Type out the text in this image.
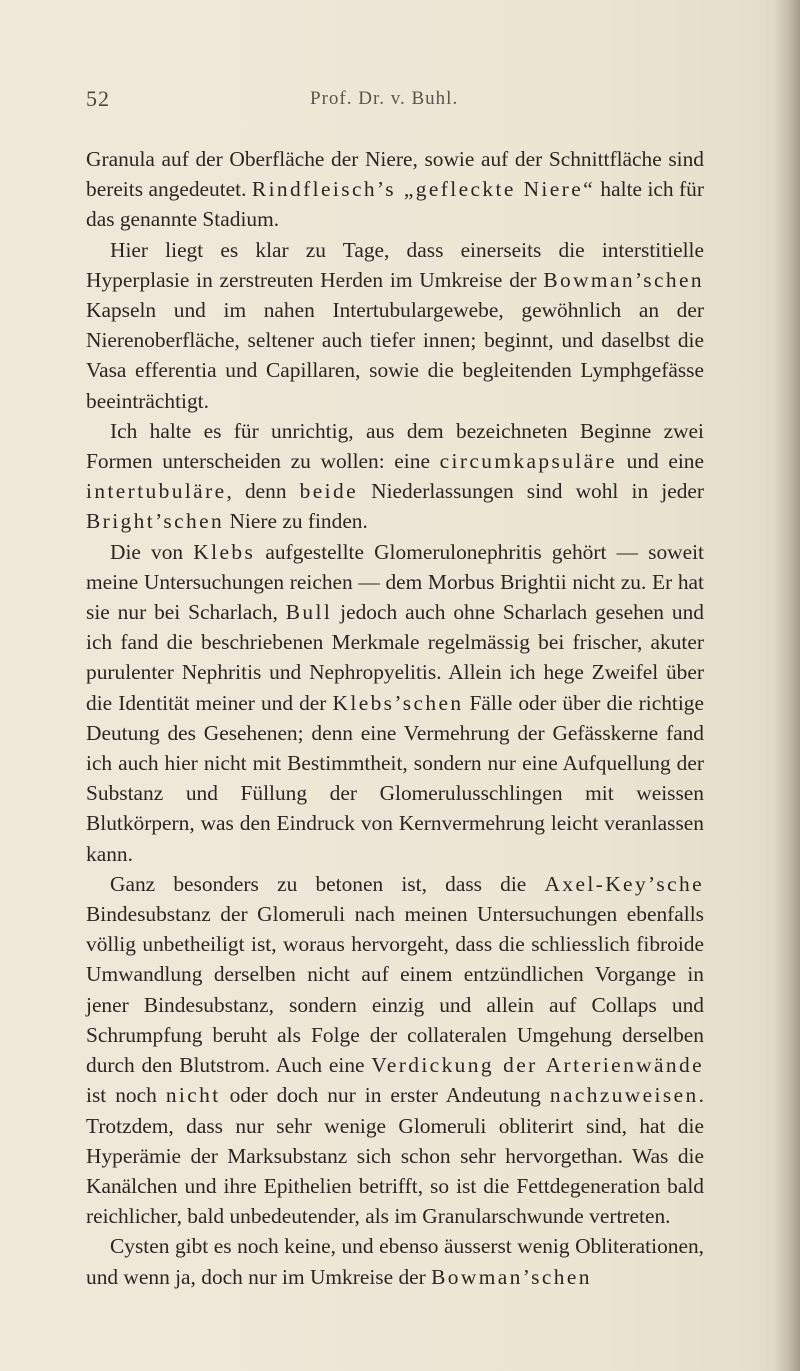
52	Prof. Dr. v. Buhl.

Granula auf der Oberfläche der Niere, sowie auf der Schnittfläche sind bereits angedeutet. Rindfleisch’s „gefleckte Niere“ halte ich für das genannte Stadium.

Hier liegt es klar zu Tage, dass einerseits die interstitielle Hyperplasie in zerstreuten Herden im Umkreise der Bowman’schen Kapseln und im nahen Intertubulargewebe, gewöhnlich an der Nierenoberfläche, seltener auch tiefer innen; beginnt, und daselbst die Vasa efferentia und Capillaren, sowie die begleitenden Lymphgefässe beeinträchtigt.

Ich halte es für unrichtig, aus dem bezeichneten Beginne zwei Formen unterscheiden zu wollen: eine circumkapsuläre und eine intertubuläre, denn beide Niederlassungen sind wohl in jeder Bright’schen Niere zu finden.

Die von Klebs aufgestellte Glomerulonephritis gehört — soweit meine Untersuchungen reichen — dem Morbus Brightii nicht zu. Er hat sie nur bei Scharlach, Bull jedoch auch ohne Scharlach gesehen und ich fand die beschriebenen Merkmale regelmässig bei frischer, akuter purulenter Nephritis und Nephropyelitis. Allein ich hege Zweifel über die Identität meiner und der Klebs’schen Fälle oder über die richtige Deutung des Gesehenen; denn eine Vermehrung der Gefässkerne fand ich auch hier nicht mit Bestimmtheit, sondern nur eine Aufquellung der Substanz und Füllung der Glomerulusschlingen mit weissen Blutkörpern, was den Eindruck von Kernvermehrung leicht veranlassen kann.

Ganz besonders zu betonen ist, dass die Axel-Key’sche Bindesubstanz der Glomeruli nach meinen Untersuchungen ebenfalls völlig unbetheiligt ist, woraus hervorgeht, dass die schliesslich fibroide Umwandlung derselben nicht auf einem entzündlichen Vorgange in jener Bindesubstanz, sondern einzig und allein auf Collaps und Schrumpfung beruht als Folge der collateralen Umgehung derselben durch den Blutstrom. Auch eine Verdickung der Arterienwände ist noch nicht oder doch nur in erster Andeutung nachzuweisen. Trotzdem, dass nur sehr wenige Glomeruli obliterirt sind, hat die Hyperämie der Marksubstanz sich schon sehr hervorgethan. Was die Kanälchen und ihre Epithelien betrifft, so ist die Fettdegeneration bald reichlicher, bald unbedeutender, als im Granularschwunde vertreten.

Cysten gibt es noch keine, und ebenso äusserst wenig Obliterationen, und wenn ja, doch nur im Umkreise der Bowman’schen
